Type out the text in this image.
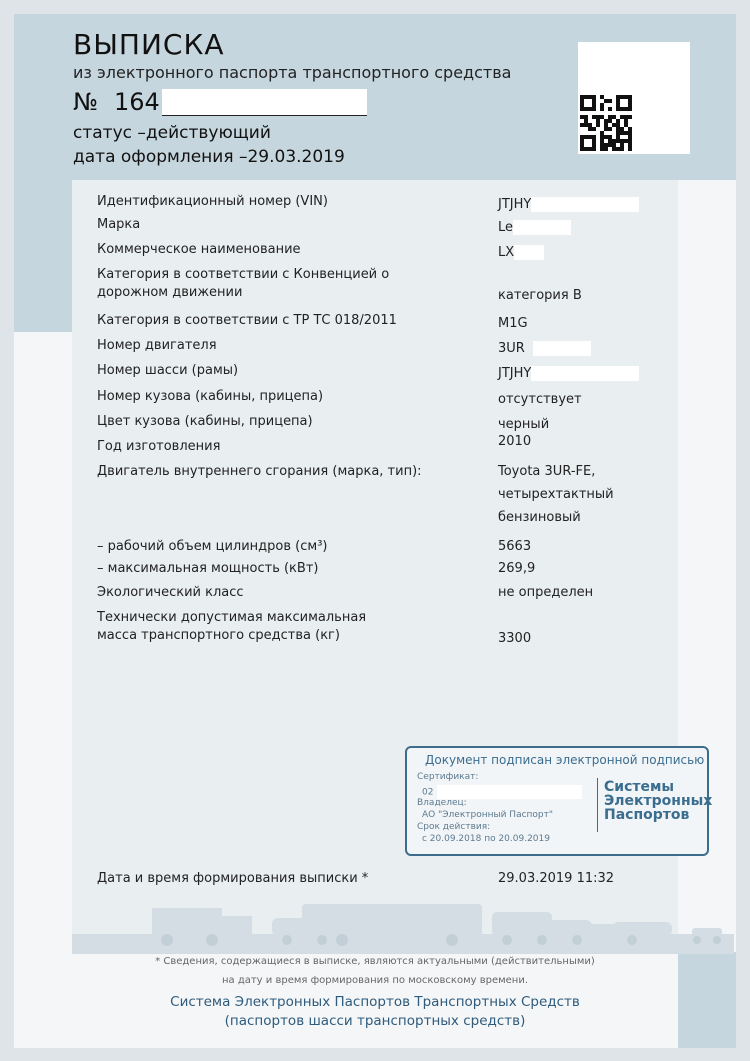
ВЫПИСКА
из электронного паспорта транспортного средства
№ 164
статус –действующий
дата оформления –29.03.2019
Идентификационный номер (VIN)	JTJHY
Марка	Le
Коммерческое наименование	LX
Категория в соответствии с Конвенцией о дорожном движении	категория В
Категория в соответствии с ТР ТС 018/2011	M1G
Номер двигателя	3UR
Номер шасси (рамы)	JTJHY
Номер кузова (кабины, прицепа)	отсутствует
Цвет кузова (кабины, прицепа)	черный
Год изготовления	2010
Двигатель внутреннего сгорания (марка, тип):	Toyota 3UR-FE,
четырехтактный
бензиновый
– рабочий объем цилиндров (см³)	5663
– максимальная мощность (кВт)	269,9
Экологический класс	не определен
Технически допустимая максимальная масса транспортного средства (кг)	3300
Документ подписан электронной подписью
Сертификат:
02
Владелец:
АО "Электронный Паспорт"
Срок действия:
с 20.09.2018 по 20.09.2019
Системы
Электронных
Паспортов
Дата и время формирования выписки *	29.03.2019 11:32
* Сведения, содержащиеся в выписке, являются актуальными (действительными)
на дату и время формирования по московскому времени.
Система Электронных Паспортов Транспортных Средств
(паспортов шасси транспортных средств)
